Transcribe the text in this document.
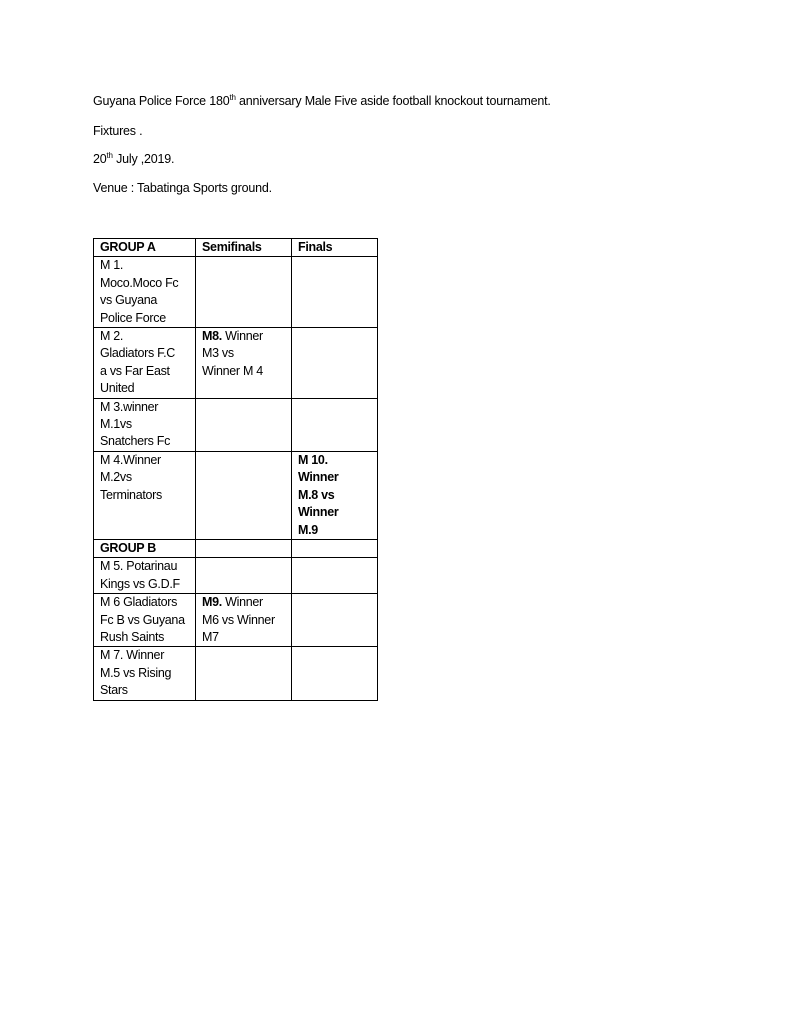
Guyana Police Force 180th anniversary Male Five aside football knockout tournament.

Fixtures .

20th July ,2019.

Venue : Tabatinga Sports ground.

GROUP A	Semifinals	Finals

M 1.
Moco.Moco Fc
vs Guyana
Police Force		

M 2.
Gladiators F.C
a vs Far East
United	M8. Winner
M3 vs
Winner M 4	

M 3.winner
M.1vs
Snatchers Fc		

M 4.Winner
M.2vs
Terminators		M 10.
Winner
M.8 vs
Winner
M.9

GROUP B		

M 5. Potarinau
Kings vs G.D.F		

M 6 Gladiators
Fc B vs Guyana
Rush Saints	M9. Winner
M6 vs Winner
M7	

M 7. Winner
M.5 vs Rising
Stars		
